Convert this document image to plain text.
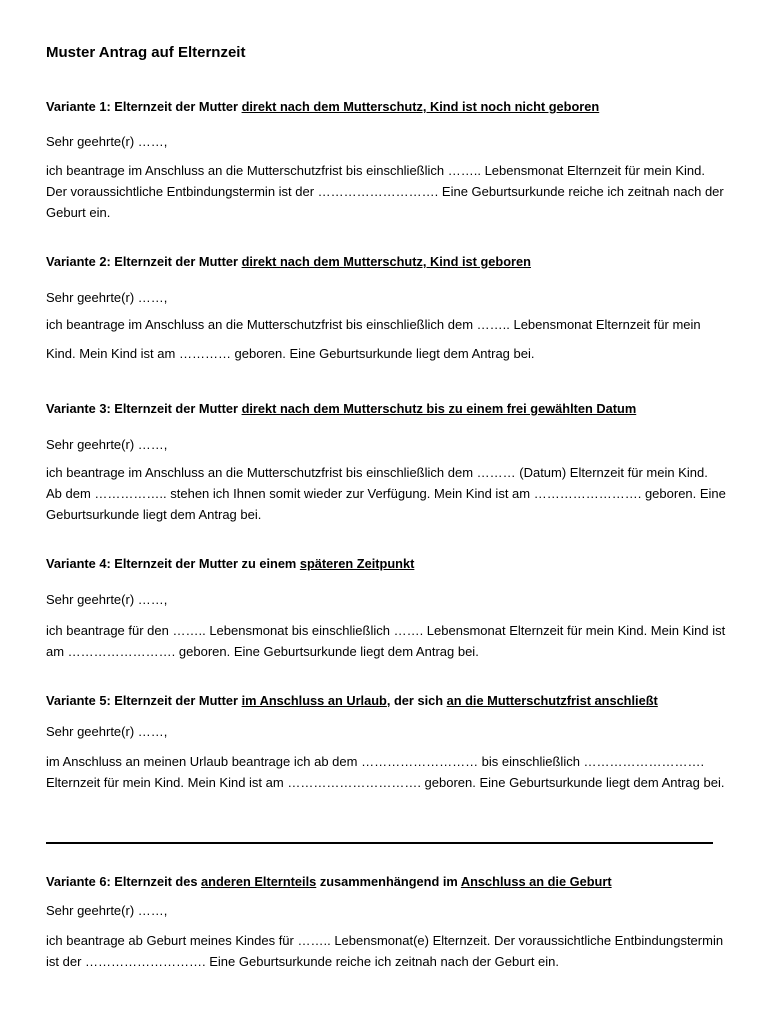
Muster Antrag auf Elternzeit

Variante 1: Elternzeit der Mutter direkt nach dem Mutterschutz, Kind ist noch nicht geboren

Sehr geehrte(r) ……,

ich beantrage im Anschluss an die Mutterschutzfrist bis einschließlich …….. Lebensmonat Elternzeit für mein Kind. Der voraussichtliche Entbindungstermin ist der ………………………. Eine Geburtsurkunde reiche ich zeitnah nach der Geburt ein.

Variante 2: Elternzeit der Mutter direkt nach dem Mutterschutz, Kind ist geboren

Sehr geehrte(r) ……,

ich beantrage im Anschluss an die Mutterschutzfrist bis einschließlich dem …….. Lebensmonat Elternzeit für mein Kind. Mein Kind ist am ………… geboren. Eine Geburtsurkunde liegt dem Antrag bei.

Variante 3: Elternzeit der Mutter direkt nach dem Mutterschutz bis zu einem frei gewählten Datum

Sehr geehrte(r) ……,

ich beantrage im Anschluss an die Mutterschutzfrist bis einschließlich dem ……… (Datum) Elternzeit für mein Kind. Ab dem …………….. stehen ich Ihnen somit wieder zur Verfügung. Mein Kind ist am ……………………. geboren. Eine Geburtsurkunde liegt dem Antrag bei.

Variante 4: Elternzeit der Mutter zu einem späteren Zeitpunkt

Sehr geehrte(r) ……,

ich beantrage für den …….. Lebensmonat bis einschließlich ……. Lebensmonat Elternzeit für mein Kind. Mein Kind ist am ……………………. geboren. Eine Geburtsurkunde liegt dem Antrag bei.

Variante 5: Elternzeit der Mutter im Anschluss an Urlaub, der sich an die Mutterschutzfrist anschließt

Sehr geehrte(r) ……,

im Anschluss an meinen Urlaub beantrage ich ab dem ……………………… bis einschließlich ………………………. Elternzeit für mein Kind. Mein Kind ist am …………………………. geboren. Eine Geburtsurkunde liegt dem Antrag bei.

Variante 6: Elternzeit des anderen Elternteils zusammenhängend im Anschluss an die Geburt

Sehr geehrte(r) ……,

ich beantrage ab Geburt meines Kindes für …….. Lebensmonat(e) Elternzeit. Der voraussichtliche Entbindungstermin ist der ………………………. Eine Geburtsurkunde reiche ich zeitnah nach der Geburt ein.
